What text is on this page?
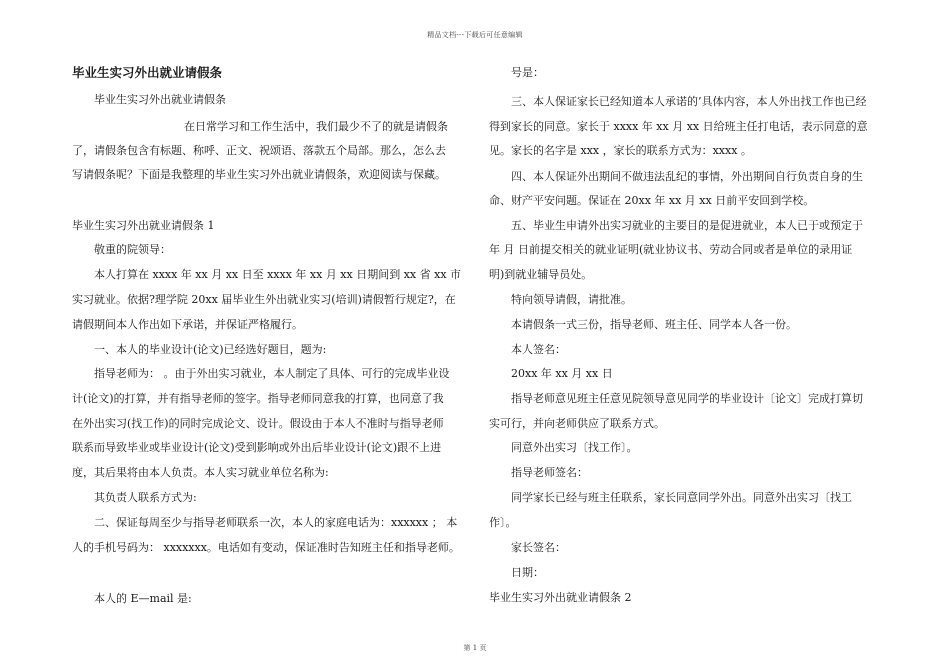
精品文档---下载后可任意编辑
毕业生实习外出就业请假条
毕业生实习外出就业请假条
在日常学习和工作生活中，我们最少不了的就是请假条
了，请假条包含有标题、称呼、正文、祝颂语、落款五个局部。那么，怎么去
写请假条呢？下面是我整理的毕业生实习外出就业请假条，欢迎阅读与保藏。
毕业生实习外出就业请假条 1
敬重的院领导：
本人打算在 xxxx 年 xx 月 xx 日至 xxxx 年 xx 月 xx 日期间到 xx 省 xx 市
实习就业。依据?理学院 20xx 届毕业生外出就业实习(培训)请假暂行规定?，在
请假期间本人作出如下承诺，并保证严格履行。
一、本人的毕业设计(论文)已经选好题目，题为:
指导老师为： 。由于外出实习就业，本人制定了具体、可行的完成毕业设
计(论文)的打算，并有指导老师的签字。指导老师同意我的打算，也同意了我
在外出实习(找工作)的同时完成论文、设计。假设由于本人不准时与指导老师
联系而导致毕业或毕业设计(论文)受到影响或外出后毕业设计(论文)跟不上进
度，其后果将由本人负责。本人实习就业单位名称为:
其负责人联系方式为:
二、保证每周至少与指导老师联系一次，本人的家庭电话为：xxxxxx ； 本
人的手机号码为： xxxxxxx。电话如有变动，保证准时告知班主任和指导老师。
本人的 E—mail 是:
号是：
三、本人保证家长已经知道本人承诺的’具体内容，本人外出找工作也已经
得到家长的同意。家长于 xxxx 年 xx 月 xx 日给班主任打电话，表示同意的意
见。家长的名字是 xxx ，家长的联系方式为：xxxx 。
四、本人保证外出期间不做违法乱纪的事情，外出期间自行负责自身的生
命、财产平安问题。保证在 20xx 年 xx 月 xx 日前平安回到学校。
五、毕业生申请外出实习就业的主要目的是促进就业，本人已于或预定于
年 月 日前提交相关的就业证明(就业协议书、劳动合同或者是单位的录用证
明)到就业辅导员处。
特向领导请假，请批准。
本请假条一式三份，指导老师、班主任、同学本人各一份。
本人签名：
20xx 年 xx 月 xx 日
指导老师意见班主任意见院领导意见同学的毕业设计〔论文〕完成打算切
实可行，并向老师供应了联系方式。
同意外出实习〔找工作〕。
指导老师签名：
同学家长已经与班主任联系，家长同意同学外出。同意外出实习〔找工
作〕。
家长签名：
日期：
毕业生实习外出就业请假条 2
第 1 页
